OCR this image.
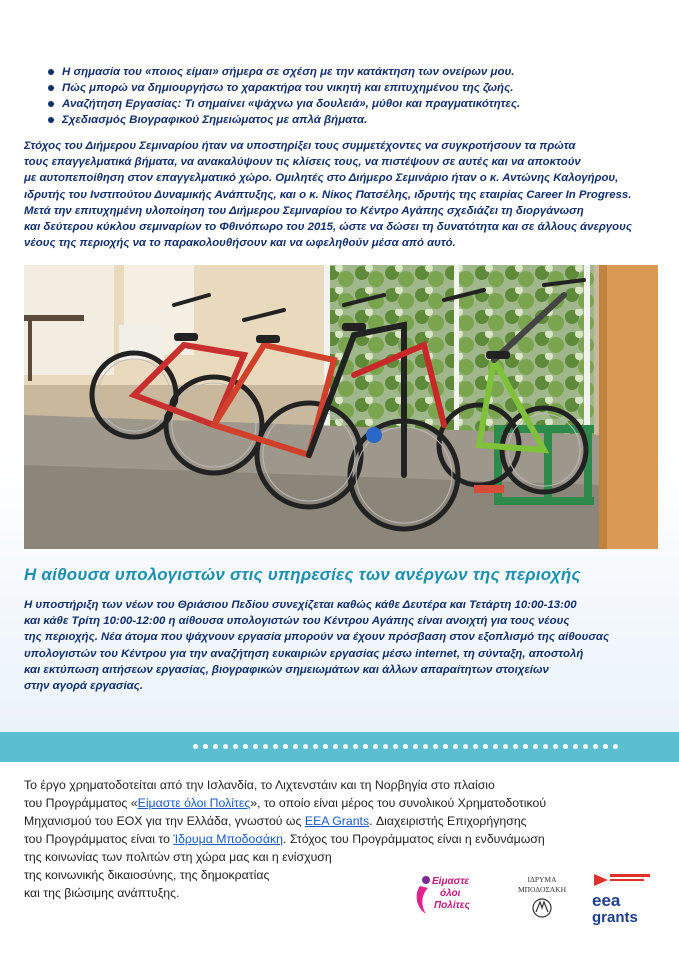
Η σημασία του «ποιος είμαι» σήμερα σε σχέση με την κατάκτηση των ονείρων μου.
Πώς μπορώ να δημιουργήσω το χαρακτήρα του νικητή και επιτυχημένου της ζωής.
Αναζήτηση Εργασίας: Τι σημαίνει «ψάχνω για δουλειά», μύθοι και πραγματικότητες.
Σχεδιασμός Βιογραφικού Σημειώματος με απλά βήματα.
Στόχος του Διήμερου Σεμιναρίου ήταν να υποστηρίξει τους συμμετέχοντες να συγκροτήσουν τα πρώτα
τους επαγγελματικά βήματα, να ανακαλύψουν τις κλίσεις τους, να πιστέψουν σε αυτές και να αποκτούν
με αυτοπεποίθηση στον επαγγελματικό χώρο. Ομιλητές στο Διήμερο Σεμινάριο ήταν ο κ. Αντώνης Καλογήρου,
ιδρυτής του Ινστιτούτου Δυναμικής Ανάπτυξης, και ο κ. Νίκος Πατσέλης, ιδρυτής της εταιρίας Career In Progress.
Μετά την επιτυχημένη υλοποίηση του Διήμερου Σεμιναρίου το Κέντρο Αγάπης σχεδιάζει τη διοργάνωση
και δεύτερου κύκλου σεμιναρίων το Φθινόπωρο του 2015, ώστε να δώσει τη δυνατότητα και σε άλλους άνεργους
νέους της περιοχής να το παρακολουθήσουν και να ωφεληθούν μέσα από αυτό.
Η αίθουσα υπολογιστών στις υπηρεσίες των ανέργων της περιοχής
Η υποστήριξη των νέων του Θριάσιου Πεδίου συνεχίζεται καθώς κάθε Δευτέρα και Τετάρτη 10:00-13:00
και κάθε Τρίτη 10:00-12:00 η αίθουσα υπολογιστών του Κέντρου Αγάπης είναι ανοιχτή για τους νέους
της περιοχής. Νέα άτομα που ψάχνουν εργασία μπορούν να έχουν πρόσβαση στον εξοπλισμό της αίθουσας
υπολογιστών του Κέντρου για την αναζήτηση ευκαιριών εργασίας μέσω internet, τη σύνταξη, αποστολή
και εκτύπωση αιτήσεων εργασίας, βιογραφικών σημειωμάτων και άλλων απαραίτητων στοιχείων
στην αγορά εργασίας.
Το έργο χρηματοδοτείται από την Ισλανδία, το Λιχτενστάιν και τη Νορβηγία στο πλαίσιο
του Προγράμματος «Είμαστε όλοι Πολίτες», το οποίο είναι μέρος του συνολικού Χρηματοδοτικού
Μηχανισμού του ΕΟΧ για την Ελλάδα, γνωστού ως EEA Grants. Διαχειριστής Επιχορήγησης
του Προγράμματος είναι το Ίδρυμα Μποδοσάκη. Στόχος του Προγράμματος είναι η ενδυνάμωση
της κοινωνίας των πολιτών στη χώρα μας και η ενίσχυση
της κοινωνικής δικαιοσύνης, της δημοκρατίας
και της βιώσιμης ανάπτυξης.
Είμαστε
όλοι
Πολίτες
ΙΔΡΥΜΑ
ΜΠΟΔΟΣΑΚΗ
eea
grants
